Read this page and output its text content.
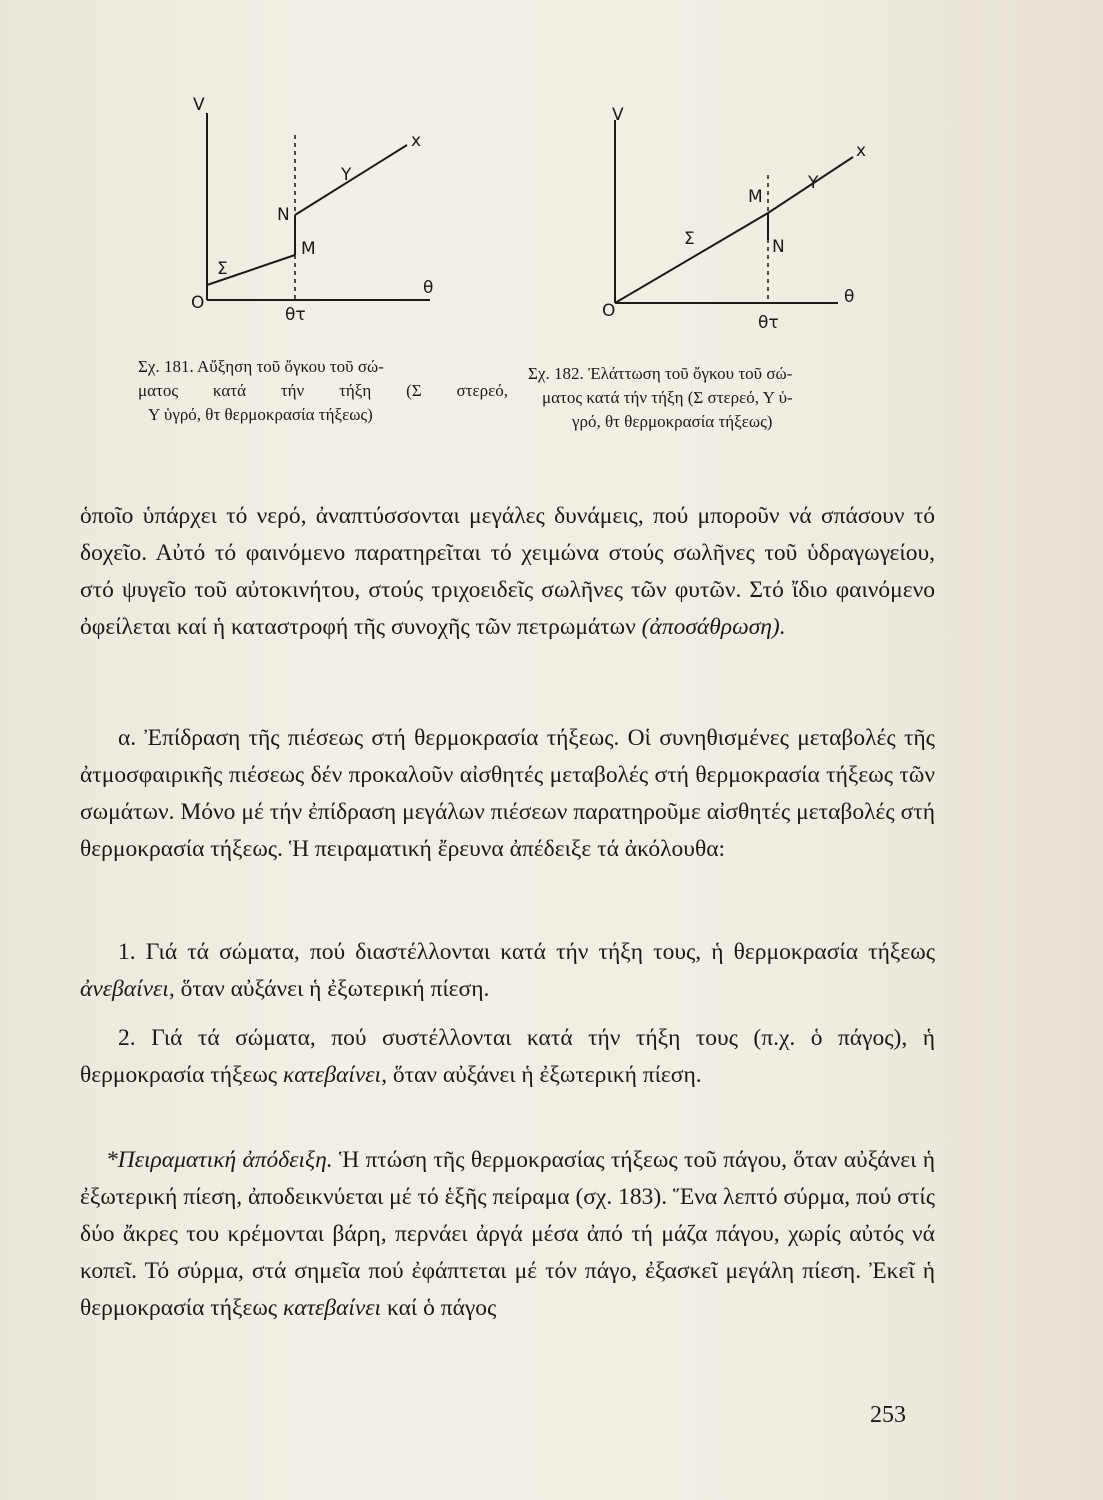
V
x
Y
N
M
Σ
O
θ
θτ
V
x
Y
M
Σ	N
O
θ
θτ
Σχ. 181. Αὔξηση τοῦ ὄγκου τοῦ σώ-
ματος κατά τήν τήξη (Σ στερεό,
Υ ὑγρό, θτ θερμοκρασία τήξεως)
Σχ. 182. Ἐλάττωση τοῦ ὄγκου τοῦ σώ-
ματος κατά τήν τήξη (Σ στερεό, Υ ὑ-
γρό, θτ θερμοκρασία τήξεως)
ὁποῖο ὑπάρχει τό νερό, ἀναπτύσσονται μεγάλες δυνάμεις, πού μποροῦν νά σπάσουν τό δοχεῖο. Αὐτό τό φαινόμενο παρατηρεῖται τό χειμώνα στούς σωλῆνες τοῦ ὑδραγωγείου, στό ψυγεῖο τοῦ αὐτοκινήτου, στούς τριχοειδεῖς σωλῆνες τῶν φυτῶν. Στό ἴδιο φαινόμενο ὀφείλεται καί ἡ καταστροφή τῆς συνοχῆς τῶν πετρωμάτων (ἀποσάθρωση).
α. Ἐπίδραση τῆς πιέσεως στή θερμοκρασία τήξεως. Οἱ συνηθισμένες μεταβολές τῆς ἀτμοσφαιρικῆς πιέσεως δέν προκαλοῦν αἰσθητές μεταβολές στή θερμοκρασία τήξεως τῶν σωμάτων. Μόνο μέ τήν ἐπίδραση μεγάλων πιέσεων παρατηροῦμε αἰσθητές μεταβολές στή θερμοκρασία τήξεως. Ἡ πειραματική ἔρευνα ἀπέδειξε τά ἀκόλουθα:
1. Γιά τά σώματα, πού διαστέλλονται κατά τήν τήξη τους, ἡ θερμοκρασία τήξεως ἀνεβαίνει, ὅταν αὐξάνει ἡ ἐξωτερική πίεση.
2. Γιά τά σώματα, πού συστέλλονται κατά τήν τήξη τους (π.χ. ὁ πάγος), ἡ θερμοκρασία τήξεως κατεβαίνει, ὅταν αὐξάνει ἡ ἐξωτερική πίεση.
*Πειραματική ἀπόδειξη. Ἡ πτώση τῆς θερμοκρασίας τήξεως τοῦ πάγου, ὅταν αὐξάνει ἡ ἐξωτερική πίεση, ἀποδεικνύεται μέ τό ἑξῆς πείραμα (σχ. 183). Ἕνα λεπτό σύρμα, πού στίς δύο ἄκρες του κρέμονται βάρη, περνάει ἀργά μέσα ἀπό τή μάζα πάγου, χωρίς αὐτός νά κοπεῖ. Τό σύρμα, στά σημεῖα πού ἐφάπτεται μέ τόν πάγο, ἐξασκεῖ μεγάλη πίεση. Ἐκεῖ ἡ θερμοκρασία τήξεως κατεβαίνει καί ὁ πάγος
253
